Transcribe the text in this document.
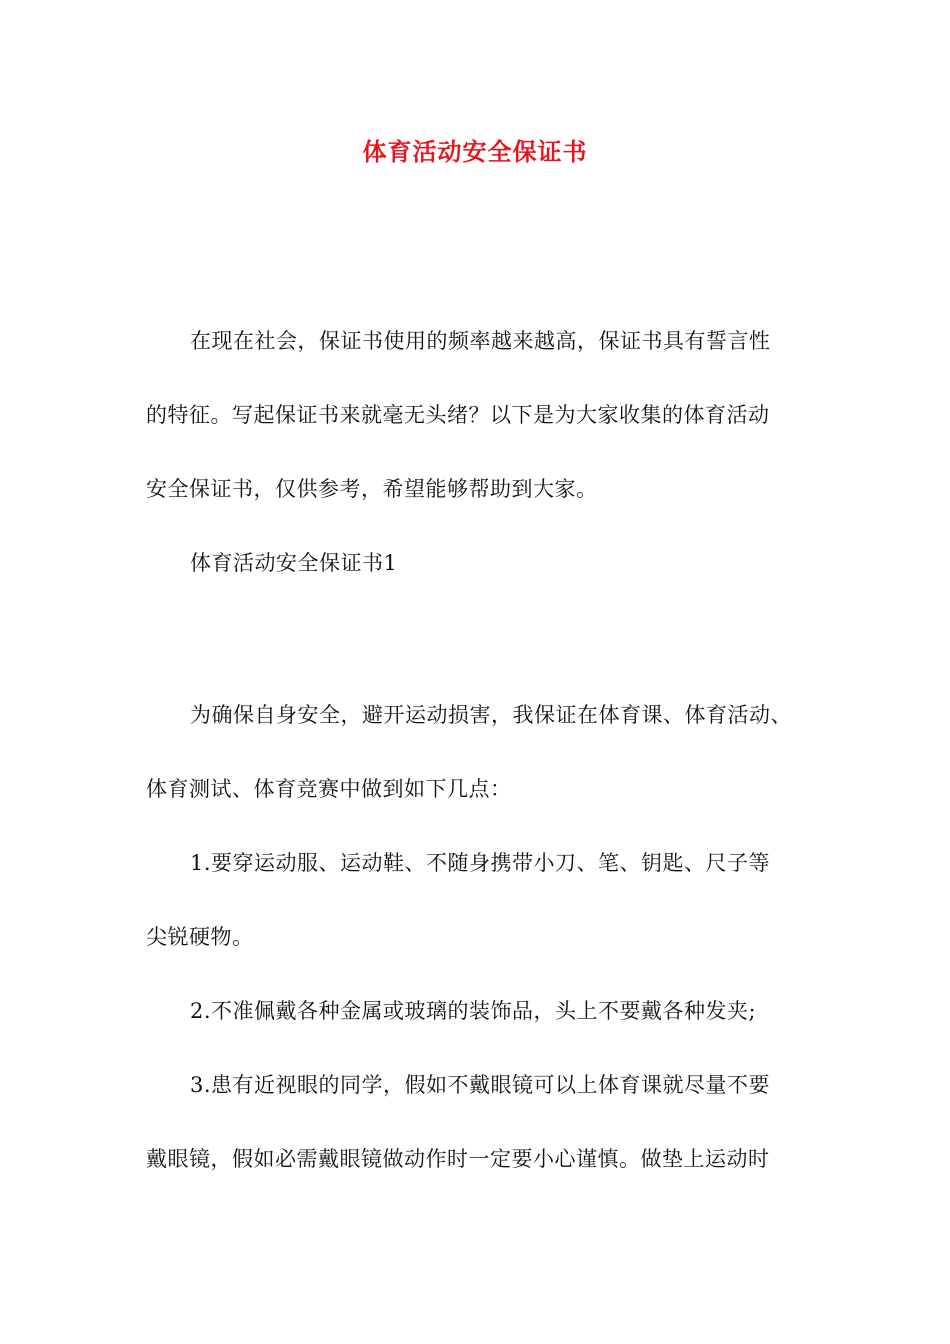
体育活动安全保证书
在现在社会，保证书使用的频率越来越高，保证书具有誓言性
的特征。写起保证书来就毫无头绪？以下是为大家收集的体育活动
安全保证书，仅供参考，希望能够帮助到大家。
体育活动安全保证书1
为确保自身安全，避开运动损害，我保证在体育课、体育活动、
体育测试、体育竞赛中做到如下几点：
1.要穿运动服、运动鞋、不随身携带小刀、笔、钥匙、尺子等
尖锐硬物。
2.不准佩戴各种金属或玻璃的装饰品，头上不要戴各种发夹;
3.患有近视眼的同学，假如不戴眼镜可以上体育课就尽量不要
戴眼镜，假如必需戴眼镜做动作时一定要小心谨慎。做垫上运动时
